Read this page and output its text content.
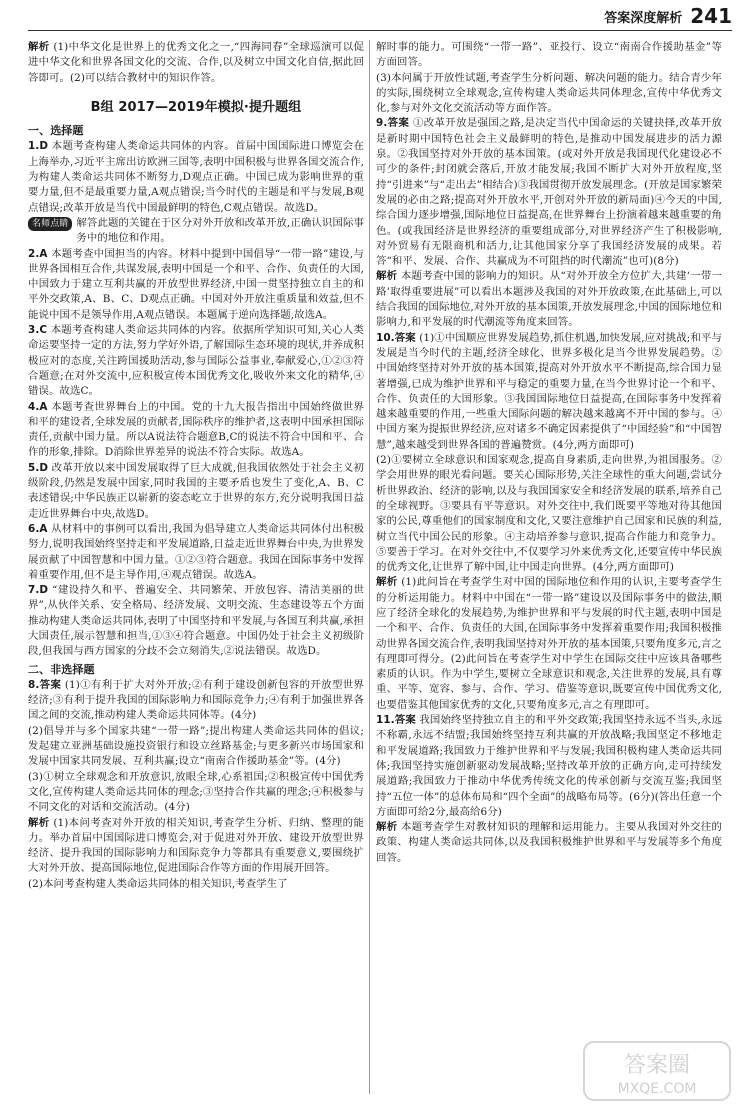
答案深度解析 241

解析 (1)中华文化是世界上的优秀文化之一,“四海同春”全球巡演可以促进中华文化和世界各国文化的交流、合作,以及树立中国文化自信,据此回答即可。(2)可以结合教材中的知识作答。

B组 2017—2019年模拟·提升题组
一、选择题

1.D 本题考查构建人类命运共同体的内容。首届中国国际进口博览会在上海举办,习近平主席出访欧洲三国等,表明中国积极与世界各国交流合作,为构建人类命运共同体不断努力,D观点正确。中国已成为影响世界的重要力量,但不是最重要力量,A观点错误;当今时代的主题是和平与发展,B观点错误;改革开放是当代中国最鲜明的特色,C观点错误。故选D。

名师点睛 解答此题的关键在于区分对外开放和改革开放,正确认识国际事务中的地位和作用。

2.A 本题考查中国担当的内容。材料中提到中国倡导“一带一路”建设,与世界各国相互合作,共谋发展,表明中国是一个和平、合作、负责任的大国,中国致力于建立互利共赢的开放型世界经济,中国一贯坚持独立自主的和平外交政策,A、B、C、D观点正确。中国对外开放注重质量和效益,但不能说中国不是领导作用,A观点错误。本题属于逆向选择题,故选A。

3.C 本题考查构建人类命运共同体的内容。依据所学知识可知,关心人类命运要坚持一定的方法,努力学好外语,了解国际生态环境的现状,并养成积极应对的态度,关注跨国援助活动,参与国际公益事业,奉献爱心,①②③符合题意;在对外交流中,应积极宣传本国优秀文化,吸收外来文化的精华,④错误。故选C。

4.A 本题考查世界舞台上的中国。党的十九大报告指出中国始终做世界和平的建设者,全球发展的贡献者,国际秩序的维护者,这表明中国承担国际责任,贡献中国力量。所以A说法符合题意B,C的说法不符合中国和平、合作的形象,排除。D消除世界差异的说法不符合实际。故选A。

5.D 改革开放以来中国发展取得了巨大成就,但我国依然处于社会主义初级阶段,仍然是发展中国家,同时我国的主要矛盾也发生了变化,A、B、C表述错误;中华民族正以崭新的姿态屹立于世界的东方,充分说明我国日益走近世界舞台中央,故选D。

6.A 从材料中的事例可以看出,我国为倡导建立人类命运共同体付出积极努力,说明我国始终坚持走和平发展道路,日益走近世界舞台中央,为世界发展贡献了中国智慧和中国力量。①②③符合题意。我国在国际事务中发挥着重要作用,但不是主导作用,④观点错误。故选A。

7.D “建设持久和平、普遍安全、共同繁荣、开放包容、清洁美丽的世界”,从伙伴关系、安全格局、经济发展、文明交流、生态建设等五个方面推动构建人类命运共同体,表明了中国坚持和平发展,与各国互利共赢,承担大国责任,展示智慧和担当,①③④符合题意。中国仍处于社会主义初级阶段,但我国与西方国家的分歧不会立刻消失,②说法错误。故选D。

二、非选择题

8.答案 (1)①有利于扩大对外开放;②有利于建设创新包容的开放型世界经济;③有利于提升我国的国际影响力和国际竞争力;④有利于加强世界各国之间的交流,推动构建人类命运共同体等。(4分)

(2)倡导并与多个国家共建“一带一路”;提出构建人类命运共同体的倡议;发起建立亚洲基础设施投资银行和设立丝路基金;与更多新兴市场国家和发展中国家共同发展、互利共赢;设立“南南合作援助基金”等。(4分)

(3)①树立全球观念和开放意识,放眼全球,心系祖国;②积极宣传中国优秀文化,宣传构建人类命运共同体的理念;③坚持合作共赢的理念;④积极参与不同文化的对话和交流活动。(4分)

解析 (1)本问考查对外开放的相关知识,考查学生分析、归纳、整理的能力。举办首届中国国际进口博览会,对于促进对外开放、建设开放型世界经济、提升我国的国际影响力和国际竞争力等都具有重要意义,要围绕扩大对外开放、提高国际地位,促进国际合作等方面的作用展开回答。

(2)本问考查构建人类命运共同体的相关知识,考查学生了

解时事的能力。可围绕“一带一路”、亚投行、设立“南南合作援助基金”等方面回答。

(3)本问属于开放性试题,考查学生分析问题、解决问题的能力。结合青少年的实际,围绕树立全球观念,宣传构建人类命运共同体理念,宣传中华优秀文化,参与对外文化交流活动等方面作答。

9.答案 ①改革开放是强国之路,是决定当代中国命运的关键抉择,改革开放是新时期中国特色社会主义最鲜明的特色,是推动中国发展进步的活力源泉。②我国坚持对外开放的基本国策。(或对外开放是我国现代化建设必不可少的条件;封闭就会落后,开放才能发展;我国不断扩大对外开放程度,坚持“引进来”与“走出去”相结合)③我国贯彻开放发展理念。(开放是国家繁荣发展的必由之路;提高对外开放水平,开创对外开放的新局面)④今天的中国,综合国力逐步增强,国际地位日益提高,在世界舞台上扮演着越来越重要的角色。(或我国经济是世界经济的重要组成部分,对世界经济产生了积极影响,对外贸易有无限商机和活力,让其他国家分享了我国经济发展的成果。若答“和平、发展、合作、共赢成为不可阻挡的时代潮流”也可)(8分)

解析 本题考查中国的影响力的知识。从“对外开放全方位扩大,共建‘一带一路’取得重要进展”可以看出本题涉及我国的对外开放政策,在此基础上,可以结合我国的国际地位,对外开放的基本国策,开放发展理念,中国的国际地位和影响力,和平发展的时代潮流等角度来回答。

10.答案 (1)①中国顺应世界发展趋势,抓住机遇,加快发展,应对挑战;和平与发展是当今时代的主题,经济全球化、世界多极化是当今世界发展趋势。②中国始终坚持对外开放的基本国策,提高对外开放水平不断提高,综合国力显著增强,已成为维护世界和平与稳定的重要力量,在当今世界讨论一个和平、合作、负责任的大国形象。③我国国际地位日益提高,在国际事务中发挥着越来越重要的作用,一些重大国际问题的解决越来越离不开中国的参与。④中国方案为提振世界经济,应对诸多不确定因素提供了“中国经验”和“中国智慧”,越来越受到世界各国的普遍赞赏。(4分,两方面即可)

(2)①要树立全球意识和国家观念,提高自身素质,走向世界,为祖国服务。②学会用世界的眼光看问题。要关心国际形势,关注全球性的重大问题,尝试分析世界政治、经济的影响,以及与我国国家安全和经济发展的联系,培养自己的全球视野。③要具有平等意识。对外交往中,我们既要平等地对待其他国家的公民,尊重他们的国家制度和文化,又要注意维护自己国家和民族的利益,树立当代中国公民的形象。④主动培养参与意识,提高合作能力和竞争力。⑤要善于学习。在对外交往中,不仅要学习外来优秀文化,还要宣传中华民族的优秀文化,让世界了解中国,让中国走向世界。(4分,两方面即可)

解析 (1)此问旨在考查学生对中国的国际地位和作用的认识,主要考查学生的分析运用能力。材料中中国在“一带一路”建设以及国际事务中的做法,顺应了经济全球化的发展趋势,为维护世界和平与发展的时代主题,表明中国是一个和平、合作、负责任的大国,在国际事务中发挥着重要作用;我国积极推动世界各国交流合作,表明我国坚持对外开放的基本国策,只要角度多元,言之有理即可得分。(2)此问旨在考查学生对中学生在国际交往中应该具备哪些素质的认识。作为中学生,要树立全球意识和观念,关注世界的发展,具有尊重、平等、宽容、参与、合作、学习、借鉴等意识,既要宣传中国优秀文化,也要借鉴其他国家优秀的文化,只要角度多元,言之有理即可。

11.答案 我国始终坚持独立自主的和平外交政策;我国坚持永远不当头,永远不称霸,永远不结盟;我国始终坚持互利共赢的开放战略;我国坚定不移地走和平发展道路;我国致力于维护世界和平与发展;我国积极构建人类命运共同体;我国坚持实施创新驱动发展战略;坚持改革开放的正确方向,走可持续发展道路;我国致力于推动中华优秀传统文化的传承创新与交流互鉴;我国坚持“五位一体”的总体布局和“四个全面”的战略布局等。(6分)(答出任意一个方面即可给2分,最高给6分)

解析 本题考查学生对教材知识的理解和运用能力。主要从我国对外交往的政策、构建人类命运共同体,以及我国积极维护世界和平与发展等多个角度回答。

答案圈
MXQE.COM
